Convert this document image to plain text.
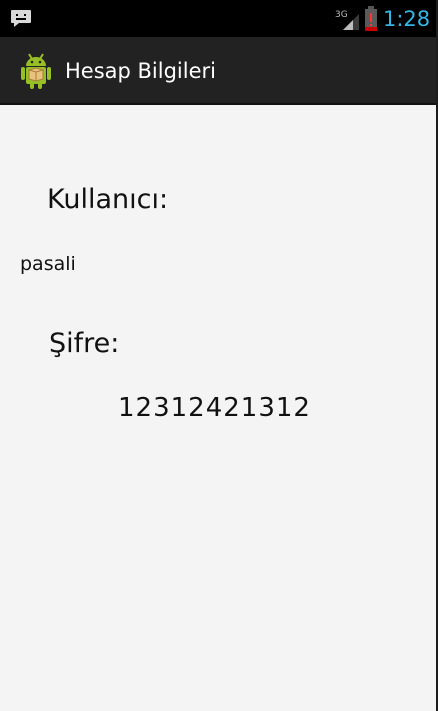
3G 1:28
Hesap Bilgileri
Kullanıcı:
pasali
Şifre:
12312421312
